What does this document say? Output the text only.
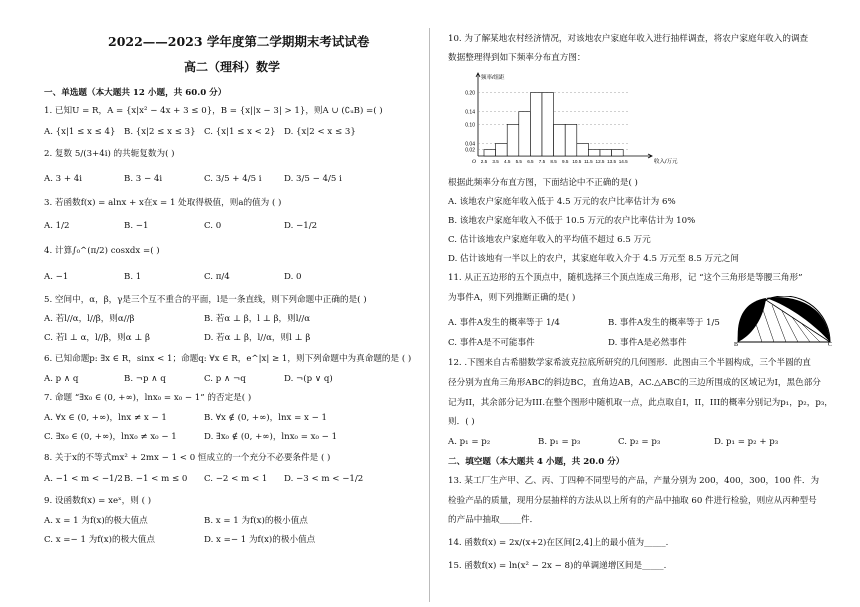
2022——2023 学年度第二学期期末考试试卷
高二（理科）数学
一、单选题（本大题共 12 小题，共 60.0 分）
1. 已知U = R，A = {x|x² − 4x + 3 ≤ 0}，B = {x||x − 3| > 1}，则A ∪ (∁ᵤB) =( )
A. {x|1 ≤ x ≤ 4} B. {x|2 ≤ x ≤ 3} C. {x|1 ≤ x < 2} D. {x|2 < x ≤ 3}
2. 复数 5/(3+4i) 的共轭复数为( )
A. 3 + 4i	B. 3 − 4i	C. 3/5 + 4/5 i	D. 3/5 − 4/5 i
3. 若函数f(x) = alnx + x在x = 1 处取得极值，则a的值为 ( )
A. 1/2	B. −1	C. 0	D. −1/2
4. 计算∫₀^(π/2) cosxdx =( )
A. −1	B. 1	C. π/4	D. 0
5. 空间中，α，β，γ是三个互不重合的平面，l是一条直线，则下列命题中正确的是( )
A. 若l//α，l//β，则α//β	B. 若α ⊥ β，l ⊥ β，则l//α
C. 若l ⊥ α，l//β，则α ⊥ β	D. 若α ⊥ β，l//α，则l ⊥ β
6. 已知命题p: ∃x ∈ R，sinx < 1；命题q: ∀x ∈ R，e^|x| ≥ 1，则下列命题中为真命题的是 ( )
A. p ∧ q	B. ¬p ∧ q	C. p ∧ ¬q	D. ¬(p ∨ q)
7. 命题 “∃x₀ ∈ (0, +∞)，lnx₀ = x₀ − 1” 的否定是( )
A. ∀x ∈ (0, +∞)，lnx ≠ x − 1	B. ∀x ∉ (0, +∞)，lnx = x − 1
C. ∃x₀ ∈ (0, +∞)，lnx₀ ≠ x₀ − 1	D. ∃x₀ ∉ (0, +∞)，lnx₀ = x₀ − 1
8. 关于x的不等式mx² + 2mx − 1 < 0 恒成立的一个充分不必要条件是 ( )
A. −1 < m < −1/2 B. −1 < m ≤ 0 C. −2 < m < 1 D. −3 < m < −1/2
9. 设函数f(x) = xeˣ，则 ( )
A. x = 1 为f(x)的极大值点	B. x = 1 为f(x)的极小值点
C. x =− 1 为f(x)的极大值点	D. x =− 1 为f(x)的极小值点
10. 为了解某地农村经济情况，对该地农户家庭年收入进行抽样调查，将农户家庭年收入的调查
数据整理得到如下频率分布直方图：
0.02
0.04
0.10
0.14
0.20
2.5 3.5 4.5 5.5 6.5 7.5 8.5 9.5 10.5 11.5 12.5 13.5 14.5
O
频率/组距
收入/万元
根据此频率分布直方图，下面结论中不正确的是( )
A. 该地农户家庭年收入低于 4.5 万元的农户比率估计为 6%
B. 该地农户家庭年收入不低于 10.5 万元的农户比率估计为 10%
C. 估计该地农户家庭年收入的平均值不超过 6.5 万元
D. 估计该地有一半以上的农户，其家庭年收入介于 4.5 万元至 8.5 万元之间
11. 从正五边形的五个顶点中，随机选择三个顶点连成三角形，记 “这个三角形是等腰三角形”
为事件A，则下列推断正确的是( )
A. 事件A发生的概率等于 1/4	B. 事件A发生的概率等于 1/5
C. 事件A是不可能事件	D. 事件A是必然事件
A
B	C
12. .下图来自古希腊数学家希波克拉底所研究的几何图形．此图由三个半圆构成，三个半圆的直
径分别为直角三角形ABC的斜边BC，直角边AB，AC.△ABC的三边所围成的区域记为I，黑色部分
记为II，其余部分记为III.在整个图形中随机取一点，此点取自I，II，III的概率分别记为p₁，p₂，p₃，
则．( )
A. p₁ = p₂	B. p₁ = p₃	C. p₂ = p₃	D. p₁ = p₂ + p₃
二、填空题（本大题共 4 小题，共 20.0 分）
13. 某工厂生产甲、乙、丙、丁四种不同型号的产品，产量分别为 200，400，300，100 件．为
检验产品的质量，现用分层抽样的方法从以上所有的产品中抽取 60 件进行检验，则应从丙种型号
的产品中抽取_____件．
14. 函数f(x) = 2x/(x+2)在区间[2,4]上的最小值为_____.
15. 函数f(x) = ln(x² − 2x − 8)的单调递增区间是_____.
